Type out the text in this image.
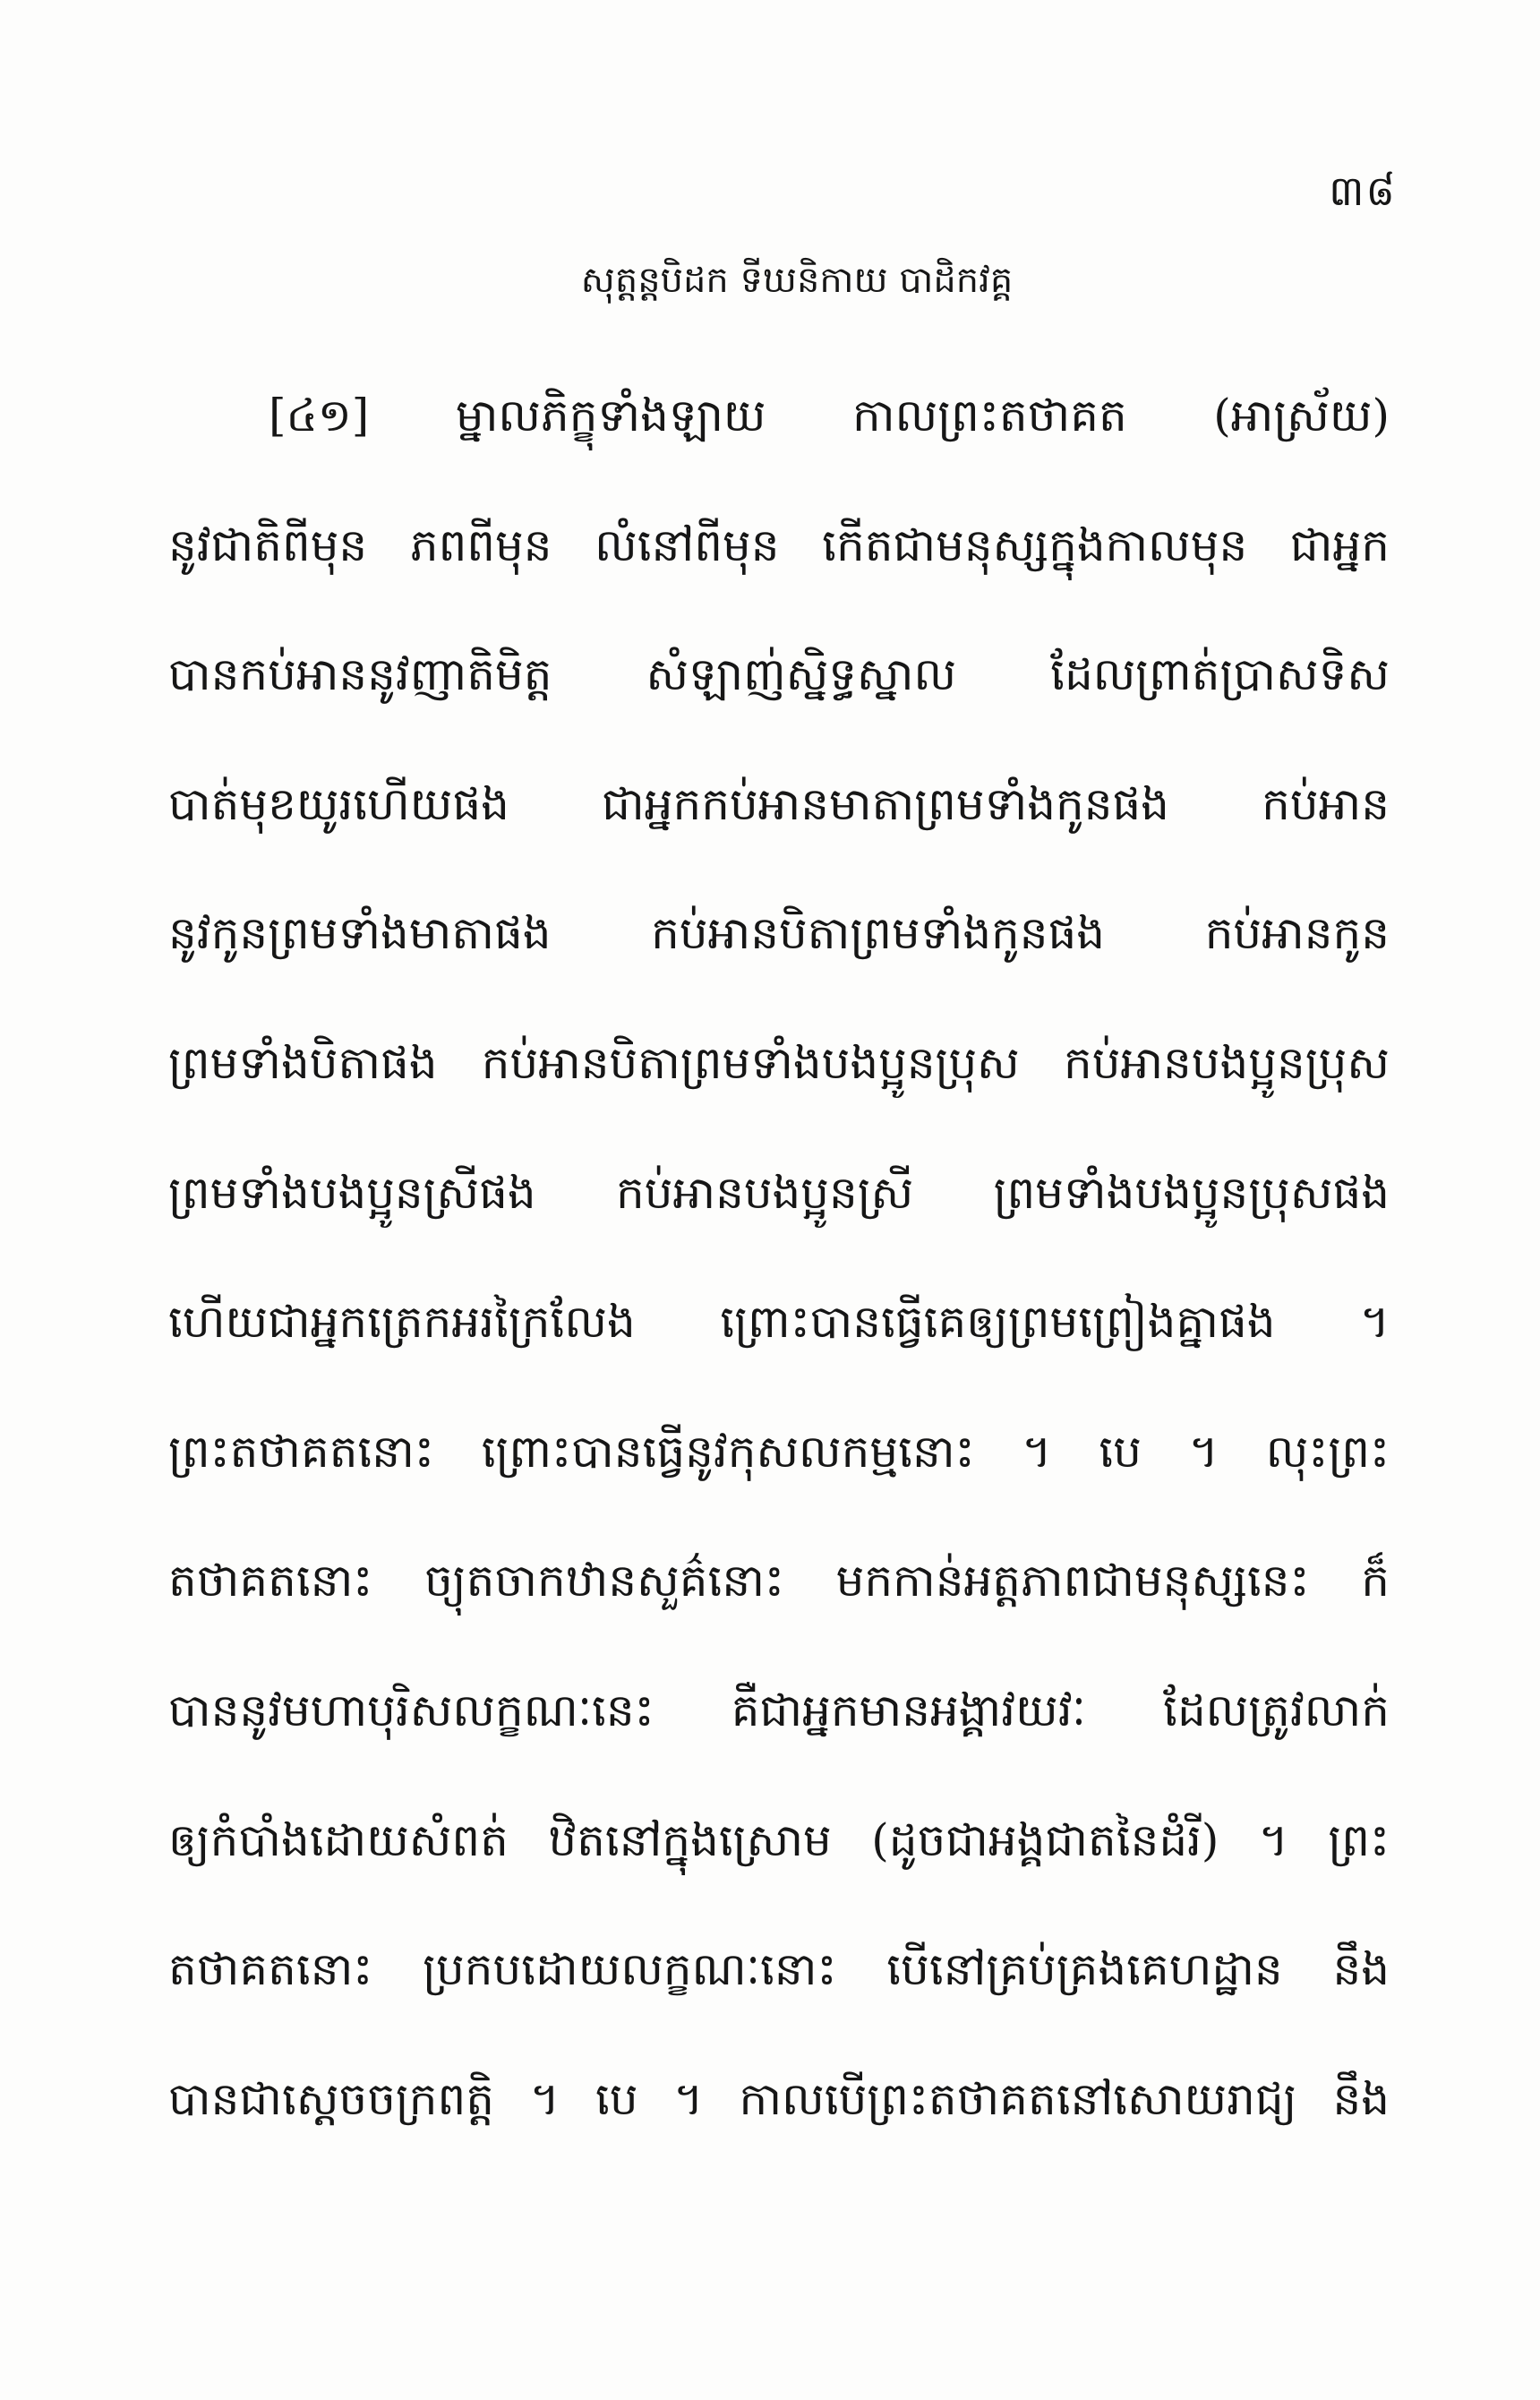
៣៨
សុត្តន្តបិដក ទីឃនិកាយ បាដិកវគ្គ
[៤១] ម្នាលភិក្ខុទាំងឡាយ កាលព្រះតថាគត (អាស្រ័យ)
នូវជាតិពីមុន ភពពីមុន លំនៅពីមុន កើតជាមនុស្សក្នុងកាលមុន ជាអ្នក
បានកប់អាននូវញាតិមិត្ត សំឡាញ់ស្និទ្ធស្នាល ដែលព្រាត់ប្រាសទិស
បាត់មុខយូរហើយផង ជាអ្នកកប់អានមាតាព្រមទាំងកូនផង កប់អាន
នូវកូនព្រមទាំងមាតាផង កប់អានបិតាព្រមទាំងកូនផង កប់អានកូន
ព្រមទាំងបិតាផង កប់អានបិតាព្រមទាំងបងប្អូនប្រុស កប់អានបងប្អូនប្រុស
ព្រមទាំងបងប្អូនស្រីផង កប់អានបងប្អូនស្រី ព្រមទាំងបងប្អូនប្រុសផង
ហើយជាអ្នកត្រេកអរក្រៃលែង ព្រោះបានធ្វើគេឲ្យព្រមព្រៀងគ្នាផង ។
ព្រះតថាគតនោះ ព្រោះបានធ្វើនូវកុសលកម្មនោះ ។ បេ ។ លុះព្រះ
តថាគតនោះ ច្យុតចាកឋានសួគ៌នោះ មកកាន់អត្តភាពជាមនុស្សនេះ ក៏
បាននូវមហាបុរិសលក្ខណៈនេះ គឺជាអ្នកមានអង្គាវយវៈ ដែលត្រូវលាក់
ឲ្យកំបាំងដោយសំពត់ ឋិតនៅក្នុងស្រោម (ដូចជាអង្គជាតនៃដំរី) ។ ព្រះ
តថាគតនោះ ប្រកបដោយលក្ខណៈនោះ បើនៅគ្រប់គ្រងគេហដ្ឋាន នឹង
បានជាស្តេចចក្រពត្តិ ។ បេ ។ កាលបើព្រះតថាគតនៅសោយរាជ្យ នឹង
